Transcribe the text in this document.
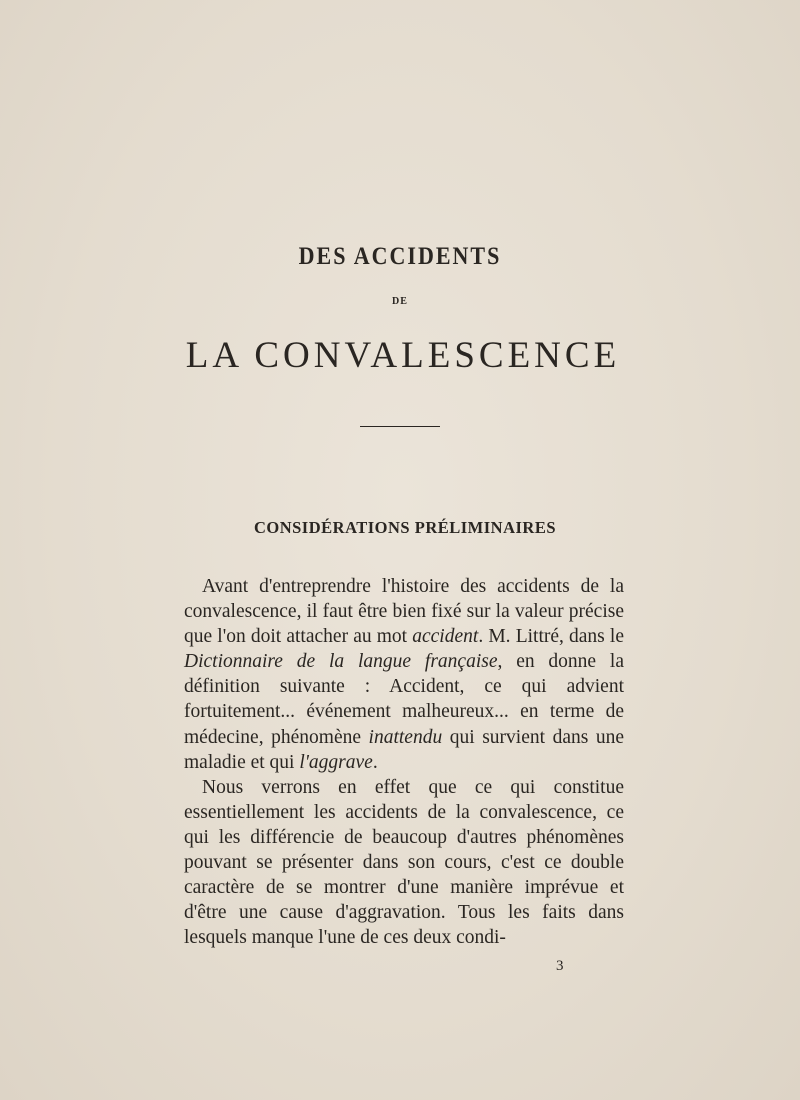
DES ACCIDENTS
DE
LA CONVALESCENCE
CONSIDÉRATIONS PRÉLIMINAIRES

Avant d'entreprendre l'histoire des accidents de la convalescence, il faut être bien fixé sur la valeur précise que l'on doit attacher au mot accident. M. Littré, dans le Dictionnaire de la langue française, en donne la définition suivante : Accident, ce qui advient fortuitement... événement malheureux... en terme de médecine, phénomène inattendu qui survient dans une maladie et qui l'aggrave.

Nous verrons en effet que ce qui constitue essentiellement les accidents de la convalescence, ce qui les différencie de beaucoup d'autres phénomènes pouvant se présenter dans son cours, c'est ce double caractère de se montrer d'une manière imprévue et d'être une cause d'aggravation. Tous les faits dans lesquels manque l'une de ces deux condi-

3
